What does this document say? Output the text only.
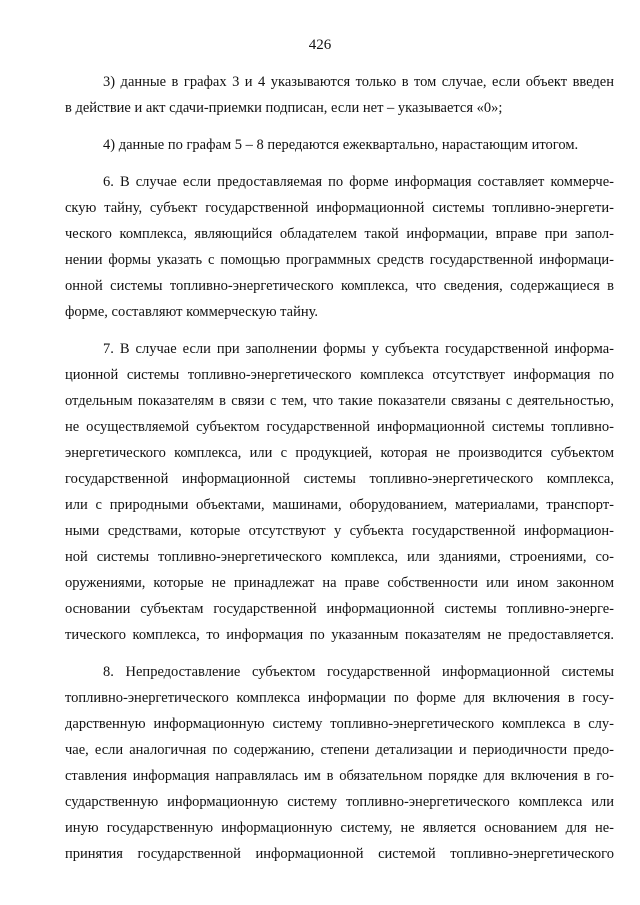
426

3) данные в графах 3 и 4 указываются только в том случае, если объект введен
в действие и акт сдачи-приемки подписан, если нет – указывается «0»;

4) данные по графам 5 – 8 передаются ежеквартально, нарастающим итогом.

6. В случае если предоставляемая по форме информация составляет коммерче-
скую тайну, субъект государственной информационной системы топливно-энергети-
ческого комплекса, являющийся обладателем такой информации, вправе при запол-
нении формы указать с помощью программных средств государственной информаци-
онной системы топливно-энергетического комплекса, что сведения, содержащиеся в
форме, составляют коммерческую тайну.

7. В случае если при заполнении формы у субъекта государственной информа-
ционной системы топливно-энергетического комплекса отсутствует информация по
отдельным показателям в связи с тем, что такие показатели связаны с деятельностью,
не осуществляемой субъектом государственной информационной системы топливно-
энергетического комплекса, или с продукцией, которая не производится субъектом
государственной информационной системы топливно-энергетического комплекса,
или с природными объектами, машинами, оборудованием, материалами, транспорт-
ными средствами, которые отсутствуют у субъекта государственной информацион-
ной системы топливно-энергетического комплекса, или зданиями, строениями, со-
оружениями, которые не принадлежат на праве собственности или ином законном
основании субъектам государственной информационной системы топливно-энерге-
тического комплекса, то информация по указанным показателям не предоставляется.

8. Непредоставление субъектом государственной информационной системы
топливно-энергетического комплекса информации по форме для включения в госу-
дарственную информационную систему топливно-энергетического комплекса в слу-
чае, если аналогичная по содержанию, степени детализации и периодичности предо-
ставления информация направлялась им в обязательном порядке для включения в го-
сударственную информационную систему топливно-энергетического комплекса или
иную государственную информационную систему, не является основанием для не-
принятия государственной информационной системой топливно-энергетического
